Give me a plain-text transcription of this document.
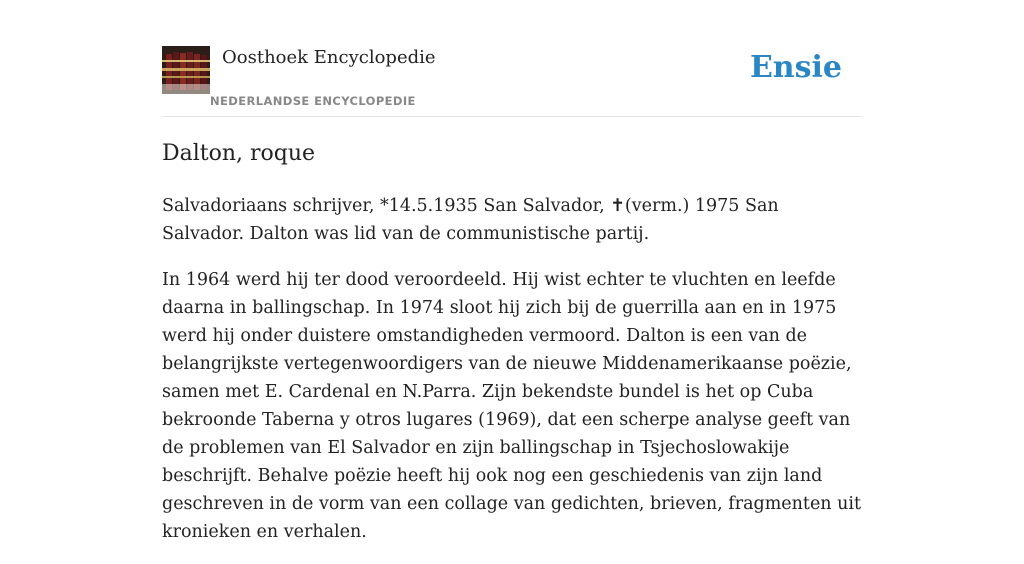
Oosthoek Encyclopedie
NEDERLANDSE ENCYCLOPEDIE
Ensie
Dalton, roque

Salvadoriaans schrijver, *14.5.1935 San Salvador, ✝(verm.) 1975 San Salvador. Dalton was lid van de communistische partij.

In 1964 werd hij ter dood veroordeeld. Hij wist echter te vluchten en leefde daarna in ballingschap. In 1974 sloot hij zich bij de guerrilla aan en in 1975 werd hij onder duistere omstandigheden vermoord. Dalton is een van de belangrijkste vertegenwoordigers van de nieuwe Middenamerikaanse poëzie, samen met E. Cardenal en N.Parra. Zijn bekendste bundel is het op Cuba bekroonde Taberna y otros lugares (1969), dat een scherpe analyse geeft van de problemen van El Salvador en zijn ballingschap in Tsjechoslowakije beschrijft. Behalve poëzie heeft hij ook nog een geschiedenis van zijn land geschreven in de vorm van een collage van gedichten, brieven, fragmenten uit kronieken en verhalen.
